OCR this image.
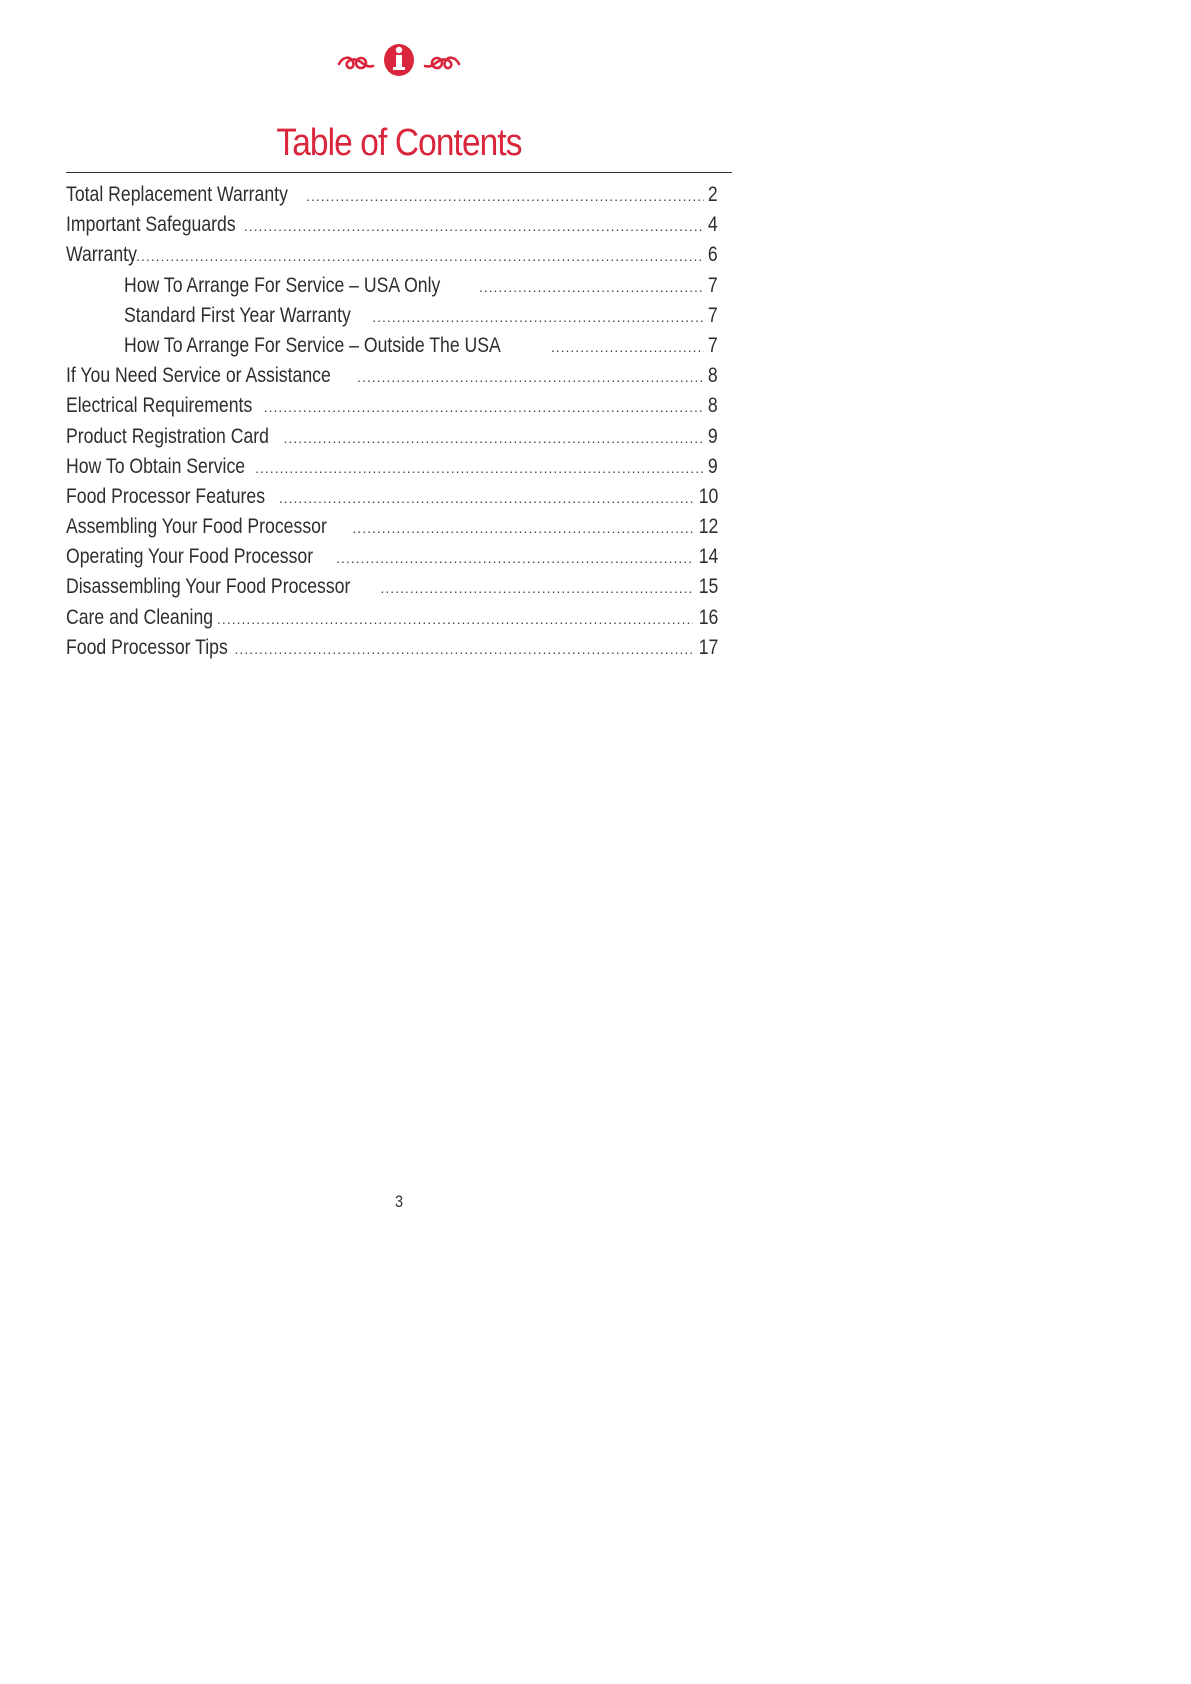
Table of Contents
Total Replacement Warranty .....	2
Important Safeguards .....	4
Warranty .....	6
How To Arrange For Service – USA Only .....	7
Standard First Year Warranty .....	7
How To Arrange For Service – Outside The USA .....	7
If You Need Service or Assistance .....	8
Electrical Requirements .....	8
Product Registration Card .....	9
How To Obtain Service .....	9
Food Processor Features .....	10
Assembling Your Food Processor .....	12
Operating Your Food Processor .....	14
Disassembling Your Food Processor .....	15
Care and Cleaning .....	16
Food Processor Tips .....	17
3
